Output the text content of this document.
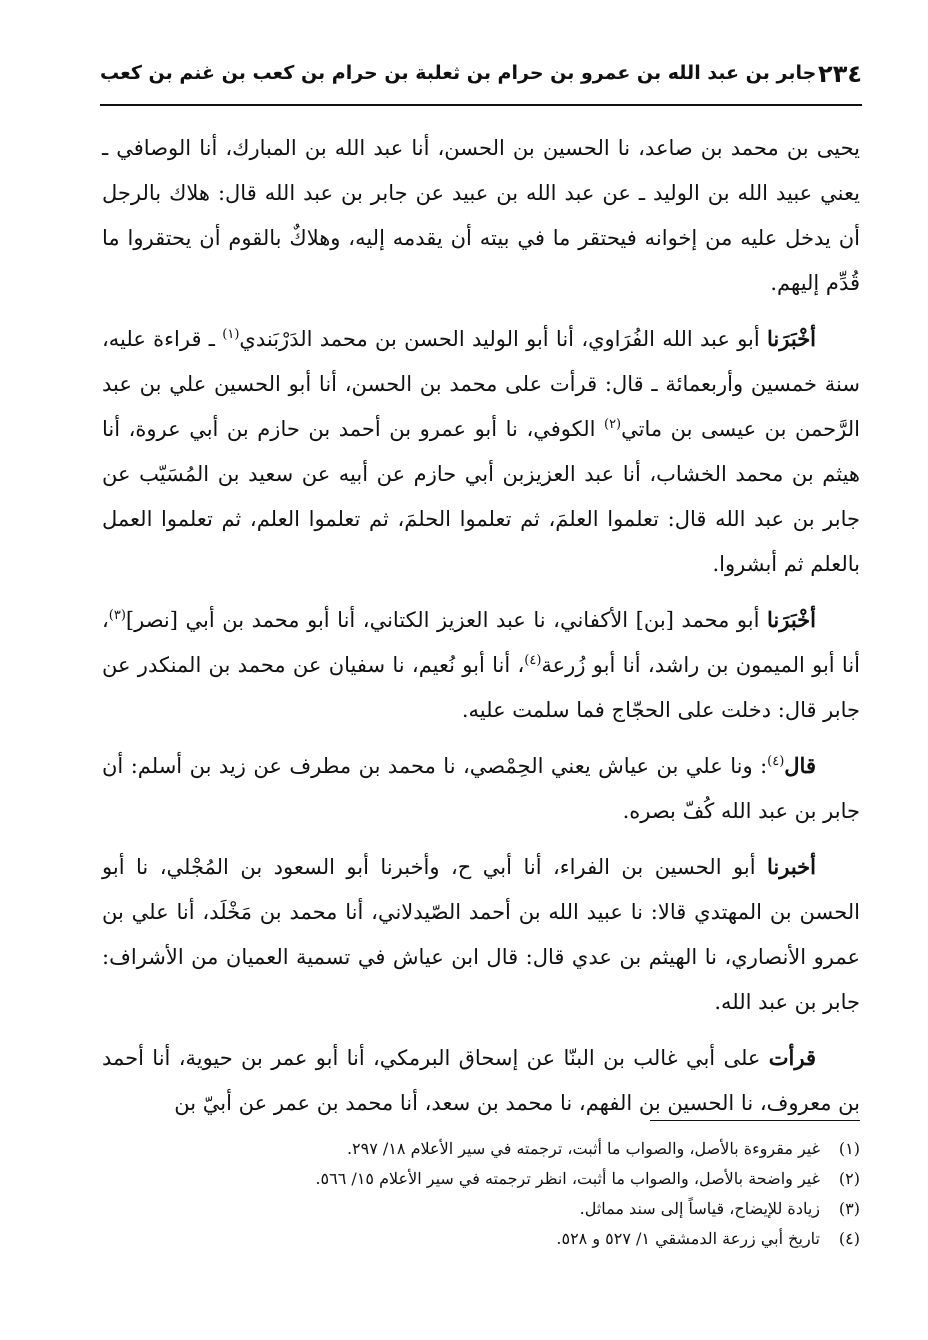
٢٣٤
جابر بن عبد الله بن عمرو بن حرام بن ثعلبة بن حرام بن كعب بن غنم بن كعب

يحيى بن محمد بن صاعد، نا الحسين بن الحسن، أنا عبد الله بن المبارك، أنا الوصافي ـ يعني عبيد الله بن الوليد ـ عن عبد الله بن عبيد عن جابر بن عبد الله قال: هلاك بالرجل أن يدخل عليه من إخوانه فيحتقر ما في بيته أن يقدمه إليه، وهلاكٌ بالقوم أن يحتقروا ما قُدِّم إليهم.

أخْبَرَنا أبو عبد الله الفُرَاوي، أنا أبو الوليد الحسن بن محمد الدَرْبَندي$^{(١)}$ ـ قراءة عليه، سنة خمسين وأربعمائة ـ قال: قرأت على محمد بن الحسن، أنا أبو الحسين علي بن عبد الرَّحمن بن عيسى بن ماتي$^{(٢)}$ الكوفي، نا أبو عمرو بن أحمد بن حازم بن أبي عروة، أنا هيثم بن محمد الخشاب، أنا عبد العزيزبن أبي حازم عن أبيه عن سعيد بن المُسَيّب عن جابر بن عبد الله قال: تعلموا العلمَ، ثم تعلموا الحلمَ، ثم تعلموا العلم، ثم تعلموا العمل بالعلم ثم أبشروا.

أخْبَرَنا أبو محمد [بن] الأكفاني، نا عبد العزيز الكتاني، أنا أبو محمد بن أبي [نصر]$^{(٣)}$، أنا أبو الميمون بن راشد، أنا أبو زُرعة$^{(٤)}$، أنا أبو نُعيم، نا سفيان عن محمد بن المنكدر عن جابر قال: دخلت على الحجّاج فما سلمت عليه.

قال$^{(٤)}$: ونا علي بن عياش يعني الحِمْصي، نا محمد بن مطرف عن زيد بن أسلم: أن جابر بن عبد الله كُفّ بصره.

أخبرنا أبو الحسين بن الفراء، أنا أبي ح، وأخبرنا أبو السعود بن المُجْلي، نا أبو الحسن بن المهتدي قالا: نا عبيد الله بن أحمد الصّيدلاني، أنا محمد بن مَخْلَد، أنا علي بن عمرو الأنصاري، نا الهيثم بن عدي قال: قال ابن عياش في تسمية العميان من الأشراف: جابر بن عبد الله.

قرأت على أبي غالب بن البنّا عن إسحاق البرمكي، أنا أبو عمر بن حيوية، أنا أحمد بن معروف، نا الحسين بن الفهم، نا محمد بن سعد، أنا محمد بن عمر عن أبيّ بن

(١)
غير مقروءة بالأصل، والصواب ما أثبت، ترجمته في سير الأعلام ١٨/ ٢٩٧.
(٢)
غير واضحة بالأصل، والصواب ما أثبت، انظر ترجمته في سير الأعلام ١٥/ ٥٦٦.
(٣)
زيادة للإيضاح، قياساً إلى سند مماثل.
(٤)
تاريخ أبي زرعة الدمشقي ١/ ٥٢٧ و ٥٢٨.
